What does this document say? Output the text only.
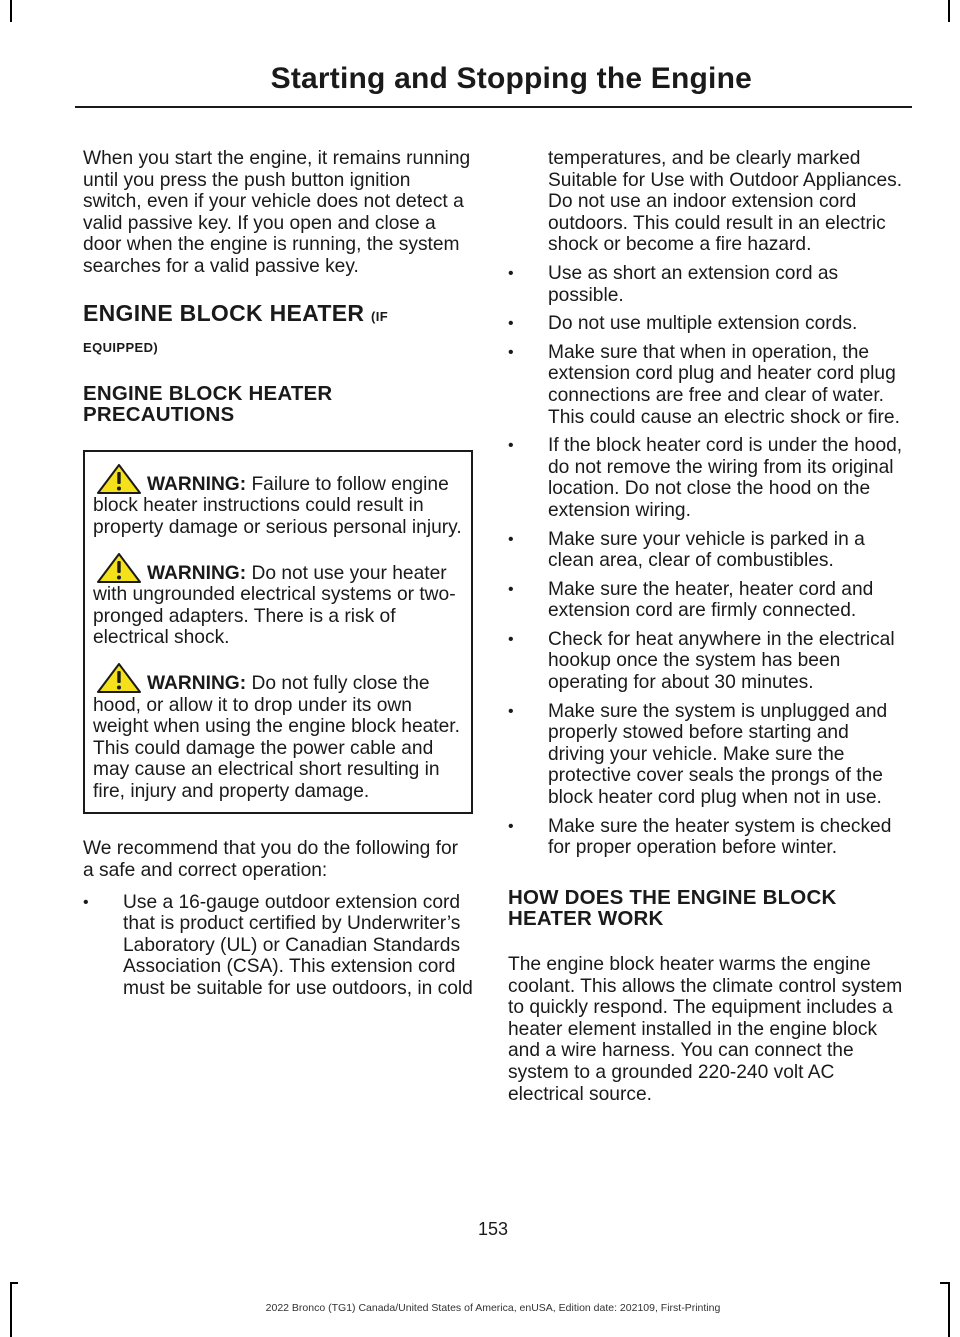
Starting and Stopping the Engine

When you start the engine, it remains running until you press the push button ignition switch, even if your vehicle does not detect a valid passive key. If you open and close a door when the engine is running, the system searches for a valid passive key.

ENGINE BLOCK HEATER (IF
EQUIPPED)
ENGINE BLOCK HEATER PRECAUTIONS
WARNING: Failure to follow engine block heater instructions could result in property damage or serious personal injury.
WARNING: Do not use your heater with ungrounded electrical systems or two-pronged adapters. There is a risk of electrical shock.
WARNING: Do not fully close the hood, or allow it to drop under its own weight when using the engine block heater. This could damage the power cable and may cause an electrical short resulting in fire, injury and property damage.

We recommend that you do the following for a safe and correct operation:

• Use a 16-gauge outdoor extension cord that is product certified by Underwriter’s Laboratory (UL) or Canadian Standards Association (CSA). This extension cord must be suitable for use outdoors, in cold
temperatures, and be clearly marked Suitable for Use with Outdoor Appliances. Do not use an indoor extension cord outdoors. This could result in an electric shock or become a fire hazard.
• Use as short an extension cord as possible.
• Do not use multiple extension cords.
• Make sure that when in operation, the extension cord plug and heater cord plug connections are free and clear of water. This could cause an electric shock or fire.
• If the block heater cord is under the hood, do not remove the wiring from its original location. Do not close the hood on the extension wiring.
• Make sure your vehicle is parked in a clean area, clear of combustibles.
• Make sure the heater, heater cord and extension cord are firmly connected.
• Check for heat anywhere in the electrical hookup once the system has been operating for about 30 minutes.
• Make sure the system is unplugged and properly stowed before starting and driving your vehicle. Make sure the protective cover seals the prongs of the block heater cord plug when not in use.
• Make sure the heater system is checked for proper operation before winter.
HOW DOES THE ENGINE BLOCK HEATER WORK

The engine block heater warms the engine coolant. This allows the climate control system to quickly respond. The equipment includes a heater element installed in the engine block and a wire harness. You can connect the system to a grounded 220-240 volt AC electrical source.

153
2022 Bronco (TG1) Canada/United States of America, enUSA, Edition date: 202109, First-Printing
